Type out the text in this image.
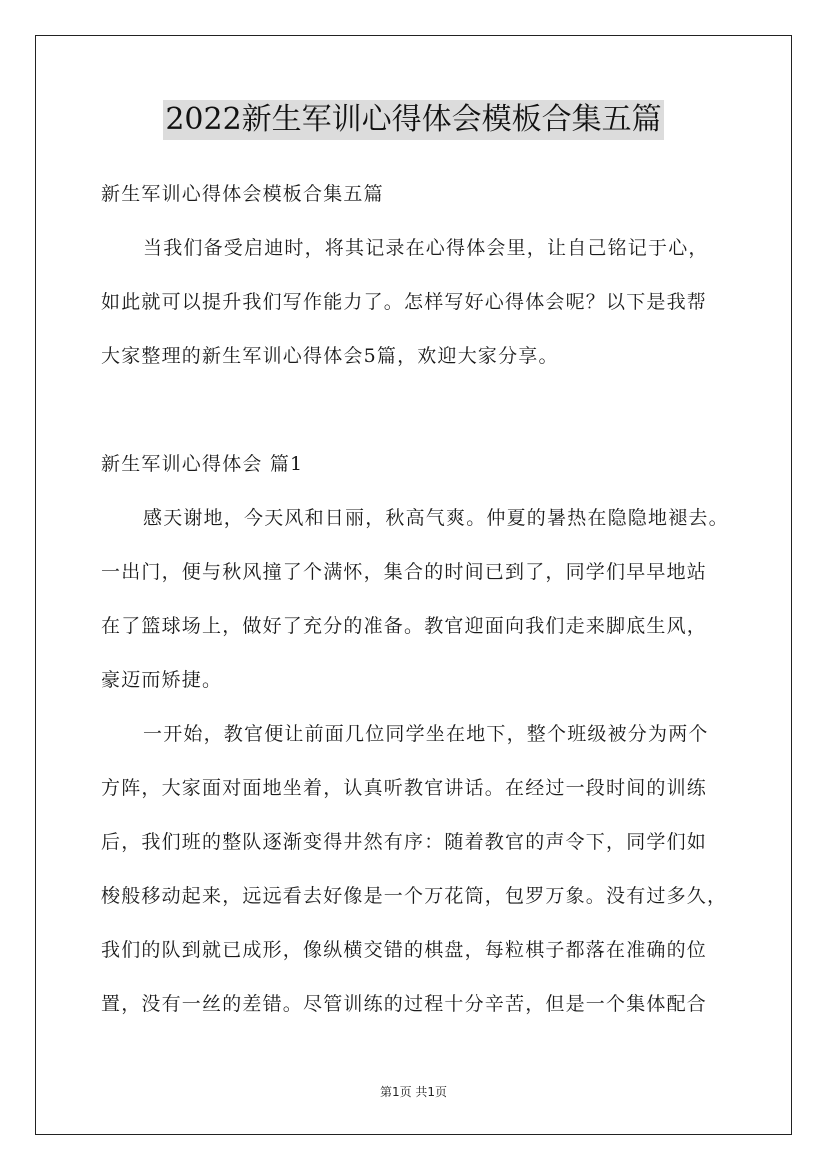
2022新生军训心得体会模板合集五篇
新生军训心得体会模板合集五篇
当我们备受启迪时，将其记录在心得体会里，让自己铭记于心，
如此就可以提升我们写作能力了。怎样写好心得体会呢？以下是我帮
大家整理的新生军训心得体会5篇，欢迎大家分享。
新生军训心得体会 篇1
感天谢地，今天风和日丽，秋高气爽。仲夏的暑热在隐隐地褪去。
一出门，便与秋风撞了个满怀，集合的时间已到了，同学们早早地站
在了篮球场上，做好了充分的准备。教官迎面向我们走来脚底生风，
豪迈而矫捷。
一开始，教官便让前面几位同学坐在地下，整个班级被分为两个
方阵，大家面对面地坐着，认真听教官讲话。在经过一段时间的训练
后，我们班的整队逐渐变得井然有序：随着教官的声令下，同学们如
梭般移动起来，远远看去好像是一个万花筒，包罗万象。没有过多久，
我们的队到就已成形，像纵横交错的棋盘，每粒棋子都落在准确的位
置，没有一丝的差错。尽管训练的过程十分辛苦，但是一个集体配合
第1页 共1页
